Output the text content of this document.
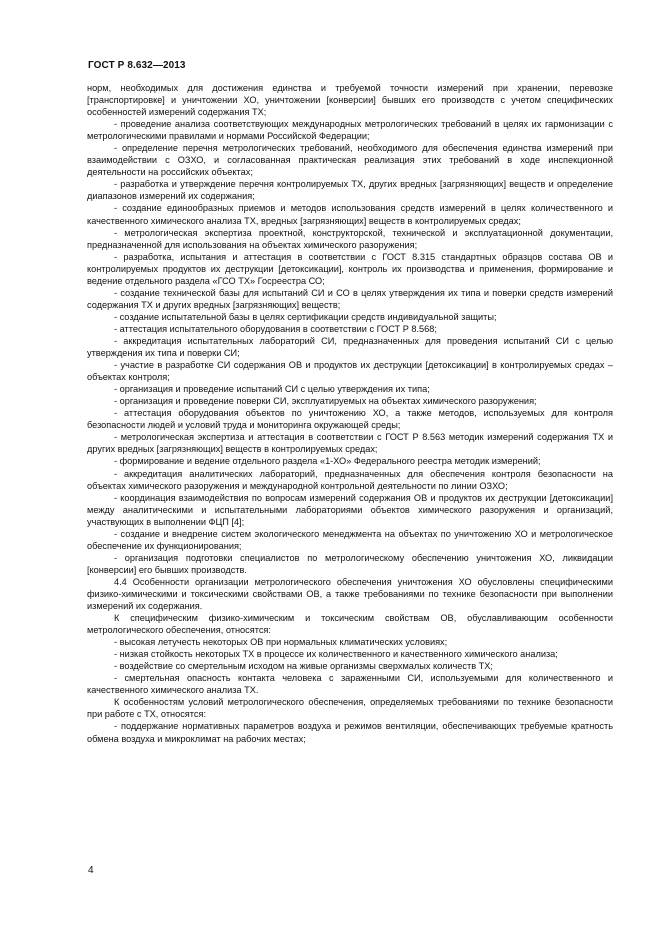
ГОСТ Р 8.632—2013

норм, необходимых для достижения единства и требуемой точности измерений при хранении, перевозке [транспортировке] и уничтожении ХО, уничтожении [конверсии] бывших его производств с учетом специфических особенностей измерений содержания ТХ;

- проведение анализа соответствующих международных метрологических требований в целях их гармонизации с метрологическими правилами и нормами Российской Федерации;

- определение перечня метрологических требований, необходимого для обеспечения единства измерений при взаимодействии с ОЗХО, и согласованная практическая реализация этих требований в ходе инспекционной деятельности на российских объектах;

- разработка и утверждение перечня контролируемых ТХ, других вредных [загрязняющих] веществ и определение диапазонов измерений их содержания;

- создание единообразных приемов и методов использования средств измерений в целях количественного и качественного химического анализа ТХ, вредных [загрязняющих] веществ в контролируемых средах;

- метрологическая экспертиза проектной, конструкторской, технической и эксплуатационной документации, предназначенной для использования на объектах химического разоружения;

- разработка, испытания и аттестация в соответствии с ГОСТ 8.315 стандартных образцов состава ОВ и контролируемых продуктов их деструкции [детоксикации], контроль их производства и применения, формирование и ведение отдельного раздела «ГСО ТХ» Госреестра СО;

- создание технической базы для испытаний СИ и СО в целях утверждения их типа и поверки средств измерений содержания ТХ и других вредных [загрязняющих] веществ;

- создание испытательной базы в целях сертификации средств индивидуальной защиты;

- аттестация испытательного оборудования в соответствии с ГОСТ Р 8.568;

- аккредитация испытательных лабораторий СИ, предназначенных для проведения испытаний СИ с целью утверждения их типа и поверки СИ;

- участие в разработке СИ содержания ОВ и продуктов их деструкции [детоксикации] в контролируемых средах – объектах контроля;

- организация и проведение испытаний СИ с целью утверждения их типа;

- организация и проведение поверки СИ, эксплуатируемых на объектах химического разоружения;

- аттестация оборудования объектов по уничтожению ХО, а также методов, используемых для контроля безопасности людей и условий труда и мониторинга окружающей среды;

- метрологическая экспертиза и аттестация в соответствии с ГОСТ Р 8.563 методик измерений содержания ТХ и других вредных [загрязняющих] веществ в контролируемых средах;

- формирование и ведение отдельного раздела «1-ХО» Федерального реестра методик измерений;

- аккредитация аналитических лабораторий, предназначенных для обеспечения контроля безопасности на объектах химического разоружения и международной контрольной деятельности по линии ОЗХО;

- координация взаимодействия по вопросам измерений содержания ОВ и продуктов их деструкции [детоксикации] между аналитическими и испытательными лабораториями объектов химического разоружения и организаций, участвующих в выполнении ФЦП [4];

- создание и внедрение систем экологического менеджмента на объектах по уничтожению ХО и метрологическое обеспечение их функционирования;

- организация подготовки специалистов по метрологическому обеспечению уничтожения ХО, ликвидации [конверсии] его бывших производств.

4.4 Особенности организации метрологического обеспечения уничтожения ХО обусловлены специфическими физико-химическими и токсическими свойствами ОВ, а также требованиями по технике безопасности при выполнении измерений их содержания.

К специфическим физико-химическим и токсическим свойствам ОВ, обуславливающим особенности метрологического обеспечения, относятся:

- высокая летучесть некоторых ОВ при нормальных климатических условиях;

- низкая стойкость некоторых ТХ в процессе их количественного и качественного химического анализа;

- воздействие со смертельным исходом на живые организмы сверхмалых количеств ТХ;

- смертельная опасность контакта человека с зараженными СИ, используемыми для количественного и качественного химического анализа ТХ.

К особенностям условий метрологического обеспечения, определяемых требованиями по технике безопасности при работе с ТХ, относятся:

- поддержание нормативных параметров воздуха и режимов вентиляции, обеспечивающих требуемые кратность обмена воздуха и микроклимат на рабочих местах;

4
